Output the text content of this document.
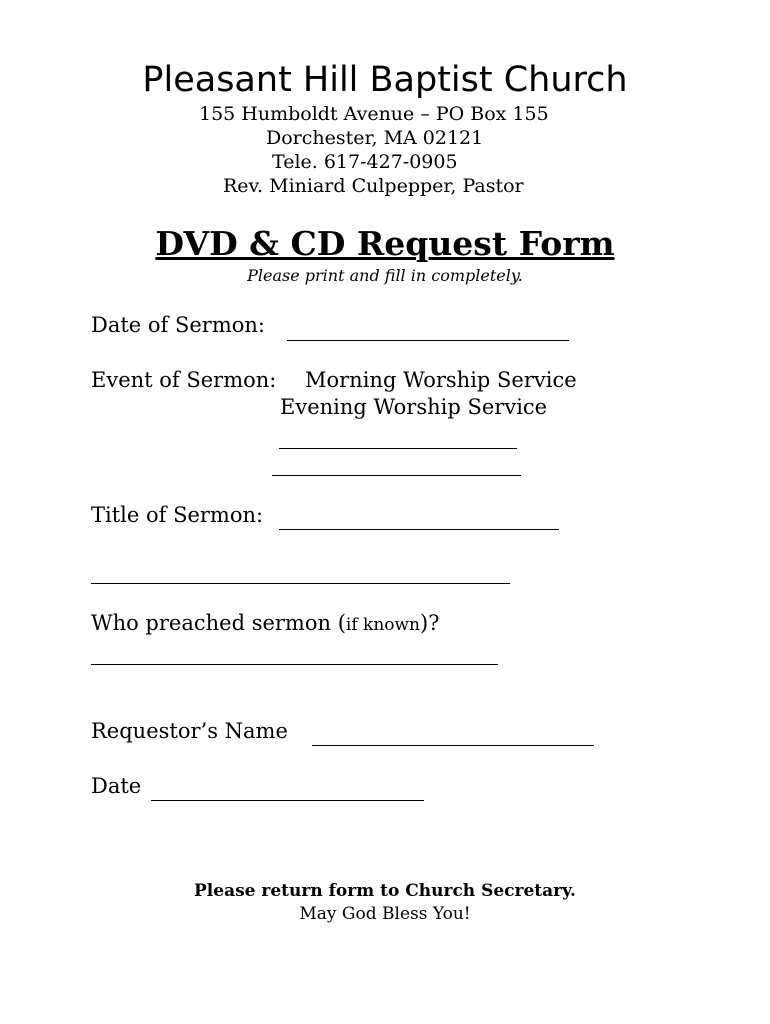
Pleasant Hill Baptist Church
155 Humboldt Avenue – PO Box 155
Dorchester, MA 02121
Tele. 617-427-0905
Rev. Miniard Culpepper, Pastor
DVD & CD Request Form
Please print and fill in completely.
Date of Sermon:
Event of Sermon: Morning Worship Service
Evening Worship Service
Title of Sermon:
Who preached sermon (if known)?
Requestor’s Name
Date
Please return form to Church Secretary.
May God Bless You!
